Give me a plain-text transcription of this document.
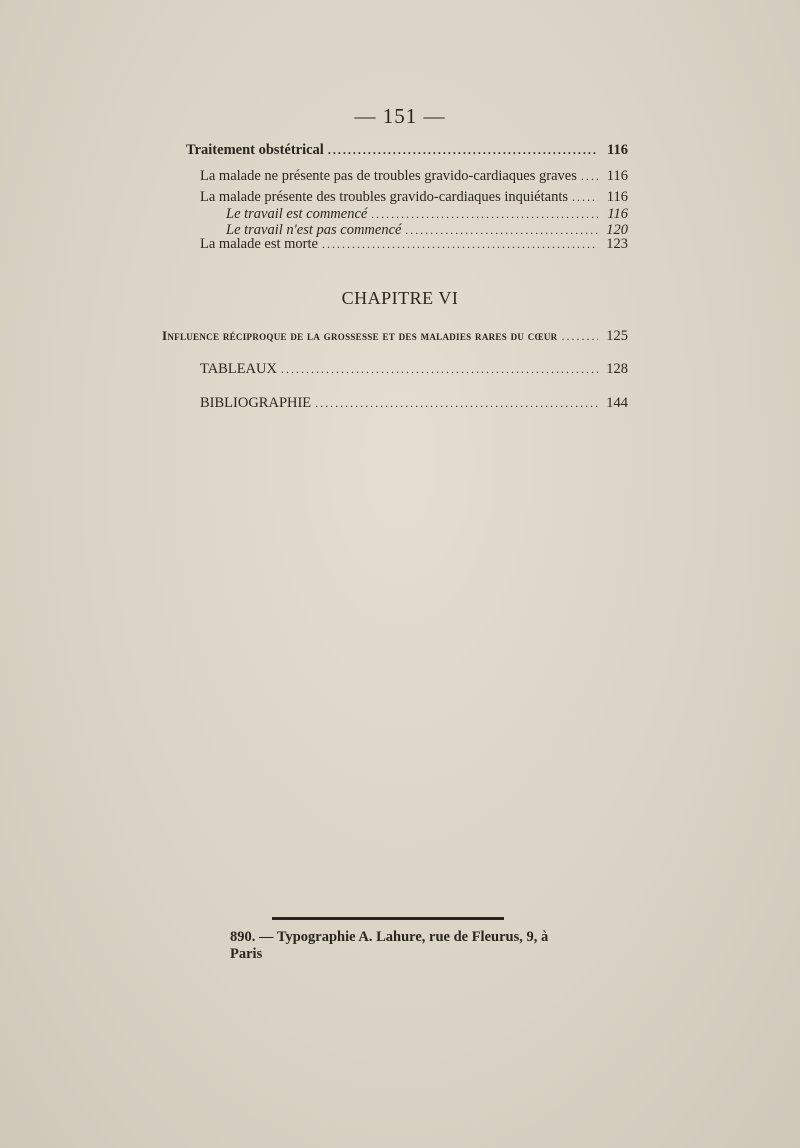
— 151 —
Traitement obstétrical .....	116
La malade ne présente pas de troubles gravido-cardiaques graves .....	116
La malade présente des troubles gravido-cardiaques inquiétants .....	116
Le travail est commencé .....	116
Le travail n'est pas commencé .....	120
La malade est morte .....	123
CHAPITRE VI
Influence réciproque de la grossesse et des maladies rares du cœur .....	125
TABLEAUX .....	128
BIBLIOGRAPHIE .....	144
890. — Typographie A. Lahure, rue de Fleurus, 9, à Paris
